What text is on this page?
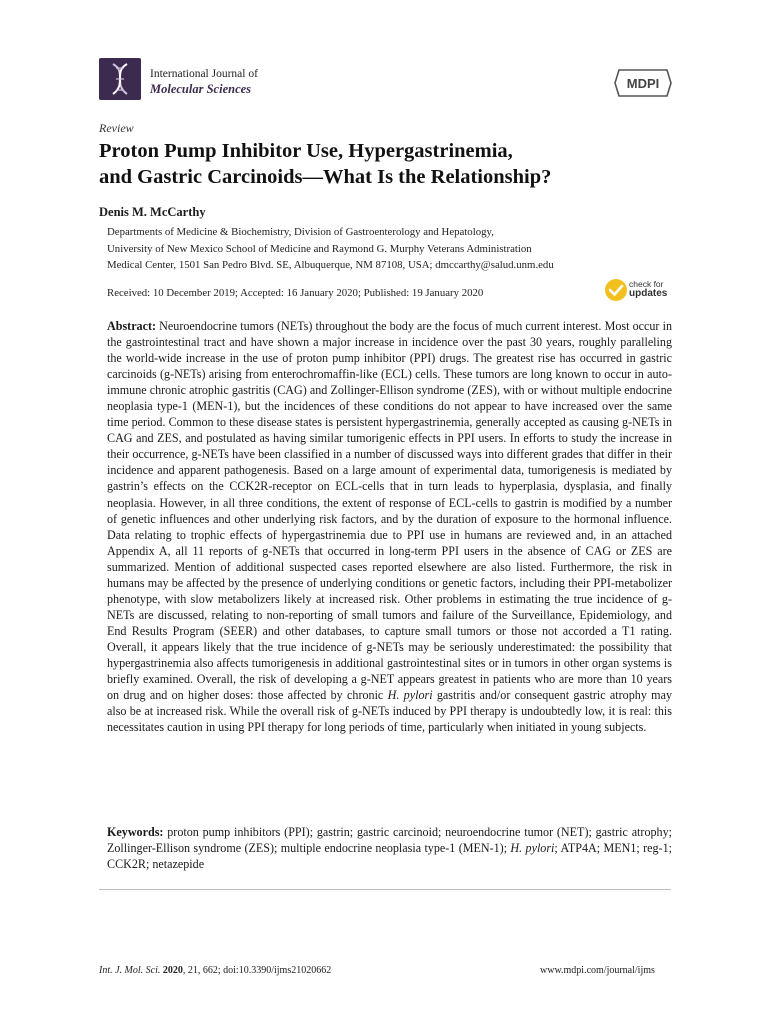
International Journal of
Molecular Sciences	MDPI
Review
Proton Pump Inhibitor Use, Hypergastrinemia,
and Gastric Carcinoids—What Is the Relationship?
Denis M. McCarthy
Departments of Medicine & Biochemistry, Division of Gastroenterology and Hepatology,
University of New Mexico School of Medicine and Raymond G. Murphy Veterans Administration
Medical Center, 1501 San Pedro Blvd. SE, Albuquerque, NM 87108, USA; dmccarthy@salud.unm.edu
Received: 10 December 2019; Accepted: 16 January 2020; Published: 19 January 2020
check for
updates
Abstract: Neuroendocrine tumors (NETs) throughout the body are the focus of much current interest. Most occur in the gastrointestinal tract and have shown a major increase in incidence over the past 30 years, roughly paralleling the world-wide increase in the use of proton pump inhibitor (PPI) drugs. The greatest rise has occurred in gastric carcinoids (g-NETs) arising from enterochromaffin-like (ECL) cells. These tumors are long known to occur in auto-immune chronic atrophic gastritis (CAG) and Zollinger-Ellison syndrome (ZES), with or without multiple endocrine neoplasia type-1 (MEN-1), but the incidences of these conditions do not appear to have increased over the same time period. Common to these disease states is persistent hypergastrinemia, generally accepted as causing g-NETs in CAG and ZES, and postulated as having similar tumorigenic effects in PPI users. In efforts to study the increase in their occurrence, g-NETs have been classified in a number of discussed ways into different grades that differ in their incidence and apparent pathogenesis. Based on a large amount of experimental data, tumorigenesis is mediated by gastrin’s effects on the CCK2R-receptor on ECL-cells that in turn leads to hyperplasia, dysplasia, and finally neoplasia. However, in all three conditions, the extent of response of ECL-cells to gastrin is modified by a number of genetic influences and other underlying risk factors, and by the duration of exposure to the hormonal influence. Data relating to trophic effects of hypergastrinemia due to PPI use in humans are reviewed and, in an attached Appendix A, all 11 reports of g-NETs that occurred in long-term PPI users in the absence of CAG or ZES are summarized. Mention of additional suspected cases reported elsewhere are also listed. Furthermore, the risk in humans may be affected by the presence of underlying conditions or genetic factors, including their PPI-metabolizer phenotype, with slow metabolizers likely at increased risk. Other problems in estimating the true incidence of g-NETs are discussed, relating to non-reporting of small tumors and failure of the Surveillance, Epidemiology, and End Results Program (SEER) and other databases, to capture small tumors or those not accorded a T1 rating. Overall, it appears likely that the true incidence of g-NETs may be seriously underestimated: the possibility that hypergastrinemia also affects tumorigenesis in additional gastrointestinal sites or in tumors in other organ systems is briefly examined. Overall, the risk of developing a g-NET appears greatest in patients who are more than 10 years on drug and on higher doses: those affected by chronic H. pylori gastritis and/or consequent gastric atrophy may also be at increased risk. While the overall risk of g-NETs induced by PPI therapy is undoubtedly low, it is real: this necessitates caution in using PPI therapy for long periods of time, particularly when initiated in young subjects.
Keywords: proton pump inhibitors (PPI); gastrin; gastric carcinoid; neuroendocrine tumor (NET); gastric atrophy; Zollinger-Ellison syndrome (ZES); multiple endocrine neoplasia type-1 (MEN-1); H. pylori; ATP4A; MEN1; reg-1; CCK2R; netazepide
Int. J. Mol. Sci. 2020, 21, 662; doi:10.3390/ijms21020662	www.mdpi.com/journal/ijms
